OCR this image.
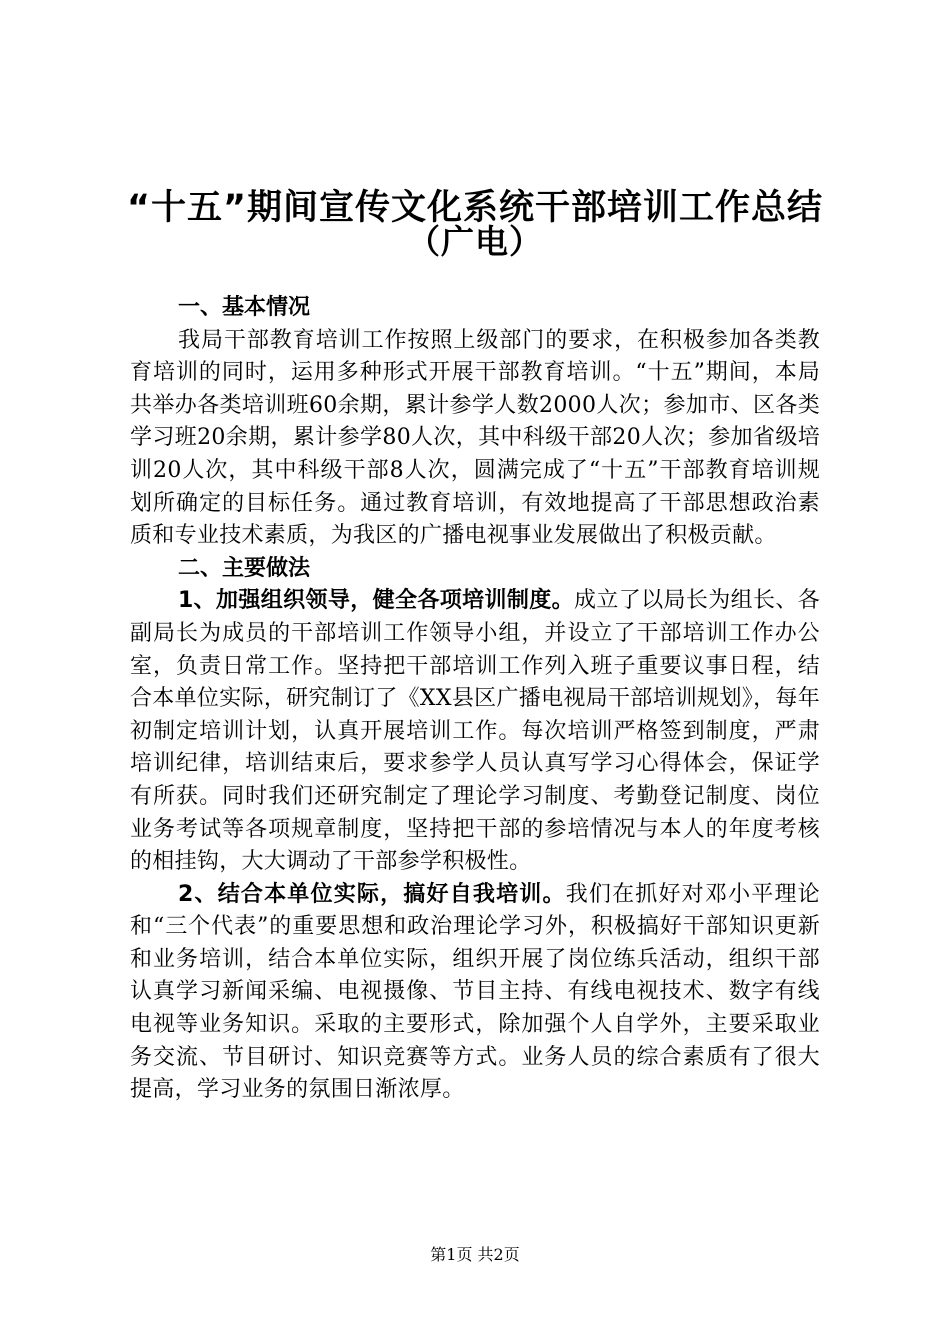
“十五”期间宣传文化系统干部培训工作总结
（广电）

一、基本情况

我局干部教育培训工作按照上级部门的要求，在积极参加各类教育培训的同时，运用多种形式开展干部教育培训。“十五”期间，本局共举办各类培训班60余期，累计参学人数2000人次；参加市、区各类学习班20余期，累计参学80人次，其中科级干部20人次；参加省级培训20人次，其中科级干部8人次，圆满完成了“十五”干部教育培训规划所确定的目标任务。通过教育培训，有效地提高了干部思想政治素质和专业技术素质，为我区的广播电视事业发展做出了积极贡献。

二、主要做法

1、加强组织领导，健全各项培训制度。成立了以局长为组长、各副局长为成员的干部培训工作领导小组，并设立了干部培训工作办公室，负责日常工作。坚持把干部培训工作列入班子重要议事日程，结合本单位实际，研究制订了《XX县区广播电视局干部培训规划》，每年初制定培训计划，认真开展培训工作。每次培训严格签到制度，严肃培训纪律，培训结束后，要求参学人员认真写学习心得体会，保证学有所获。同时我们还研究制定了理论学习制度、考勤登记制度、岗位业务考试等各项规章制度，坚持把干部的参培情况与本人的年度考核的相挂钩，大大调动了干部参学积极性。

2、结合本单位实际，搞好自我培训。我们在抓好对邓小平理论和“三个代表”的重要思想和政治理论学习外，积极搞好干部知识更新和业务培训，结合本单位实际，组织开展了岗位练兵活动，组织干部认真学习新闻采编、电视摄像、节目主持、有线电视技术、数字有线电视等业务知识。采取的主要形式，除加强个人自学外，主要采取业务交流、节目研讨、知识竞赛等方式。业务人员的综合素质有了很大提高，学习业务的氛围日渐浓厚。

第1页 共2页
